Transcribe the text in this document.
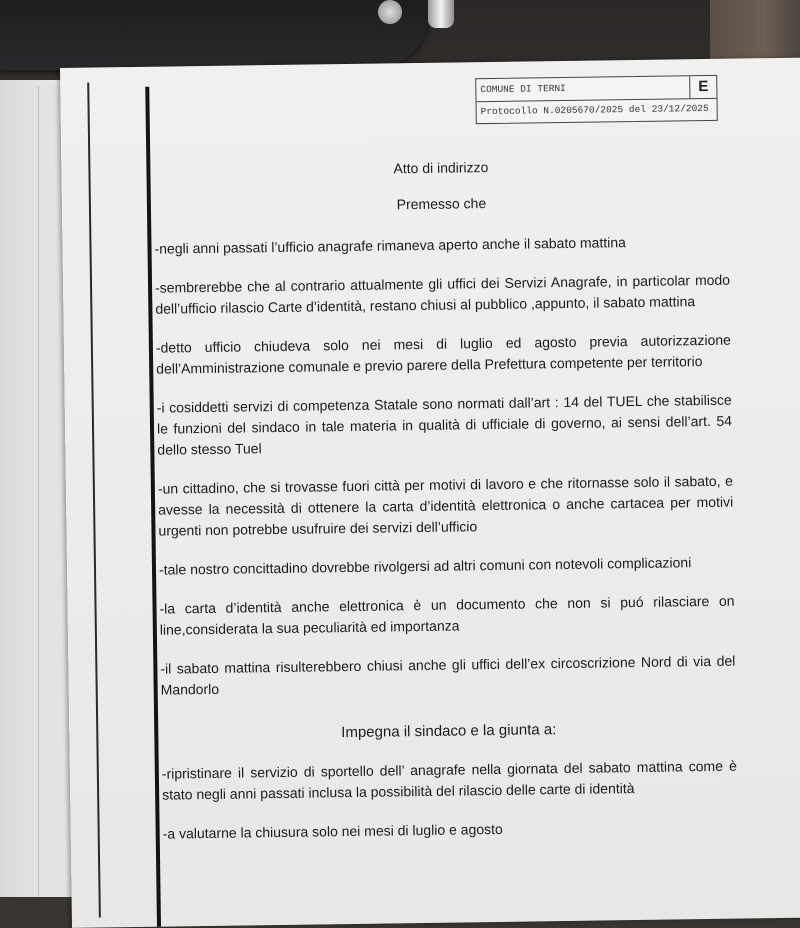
COMUNE DI TERNI	E
Protocollo N.0205670/2025 del 23/12/2025

Atto di indirizzo

Premesso che

-negli anni passati l’ufficio anagrafe rimaneva aperto anche il sabato mattina

-sembrerebbe che al contrario attualmente gli uffici dei Servizi Anagrafe, in particolar modo dell’ufficio rilascio Carte d’identità, restano chiusi al pubblico ,appunto, il sabato mattina

-detto ufficio chiudeva solo nei mesi di luglio ed agosto previa autorizzazione dell’Amministrazione comunale e previo parere della Prefettura competente per territorio

-i cosiddetti servizi di competenza Statale sono normati dall’art : 14 del TUEL che stabilisce le funzioni del sindaco in tale materia in qualità di ufficiale di governo, ai sensi dell’art. 54 dello stesso Tuel

-un cittadino, che si trovasse fuori città per motivi di lavoro e che ritornasse solo il sabato, e avesse la necessità di ottenere la carta d’identità elettronica o anche cartacea per motivi urgenti non potrebbe usufruire dei servizi dell’ufficio

-tale nostro concittadino dovrebbe rivolgersi ad altri comuni con notevoli complicazioni

-la carta d’identità anche elettronica è un documento che non si puó rilasciare on line,considerata la sua peculiarità ed importanza

-il sabato mattina risulterebbero chiusi anche gli uffici dell’ex circoscrizione Nord di via del Mandorlo

Impegna il sindaco e la giunta a:

-ripristinare il servizio di sportello dell’ anagrafe nella giornata del sabato mattina come è stato negli anni passati inclusa la possibilità del rilascio delle carte di identità

-a valutarne la chiusura solo nei mesi di luglio e agosto
